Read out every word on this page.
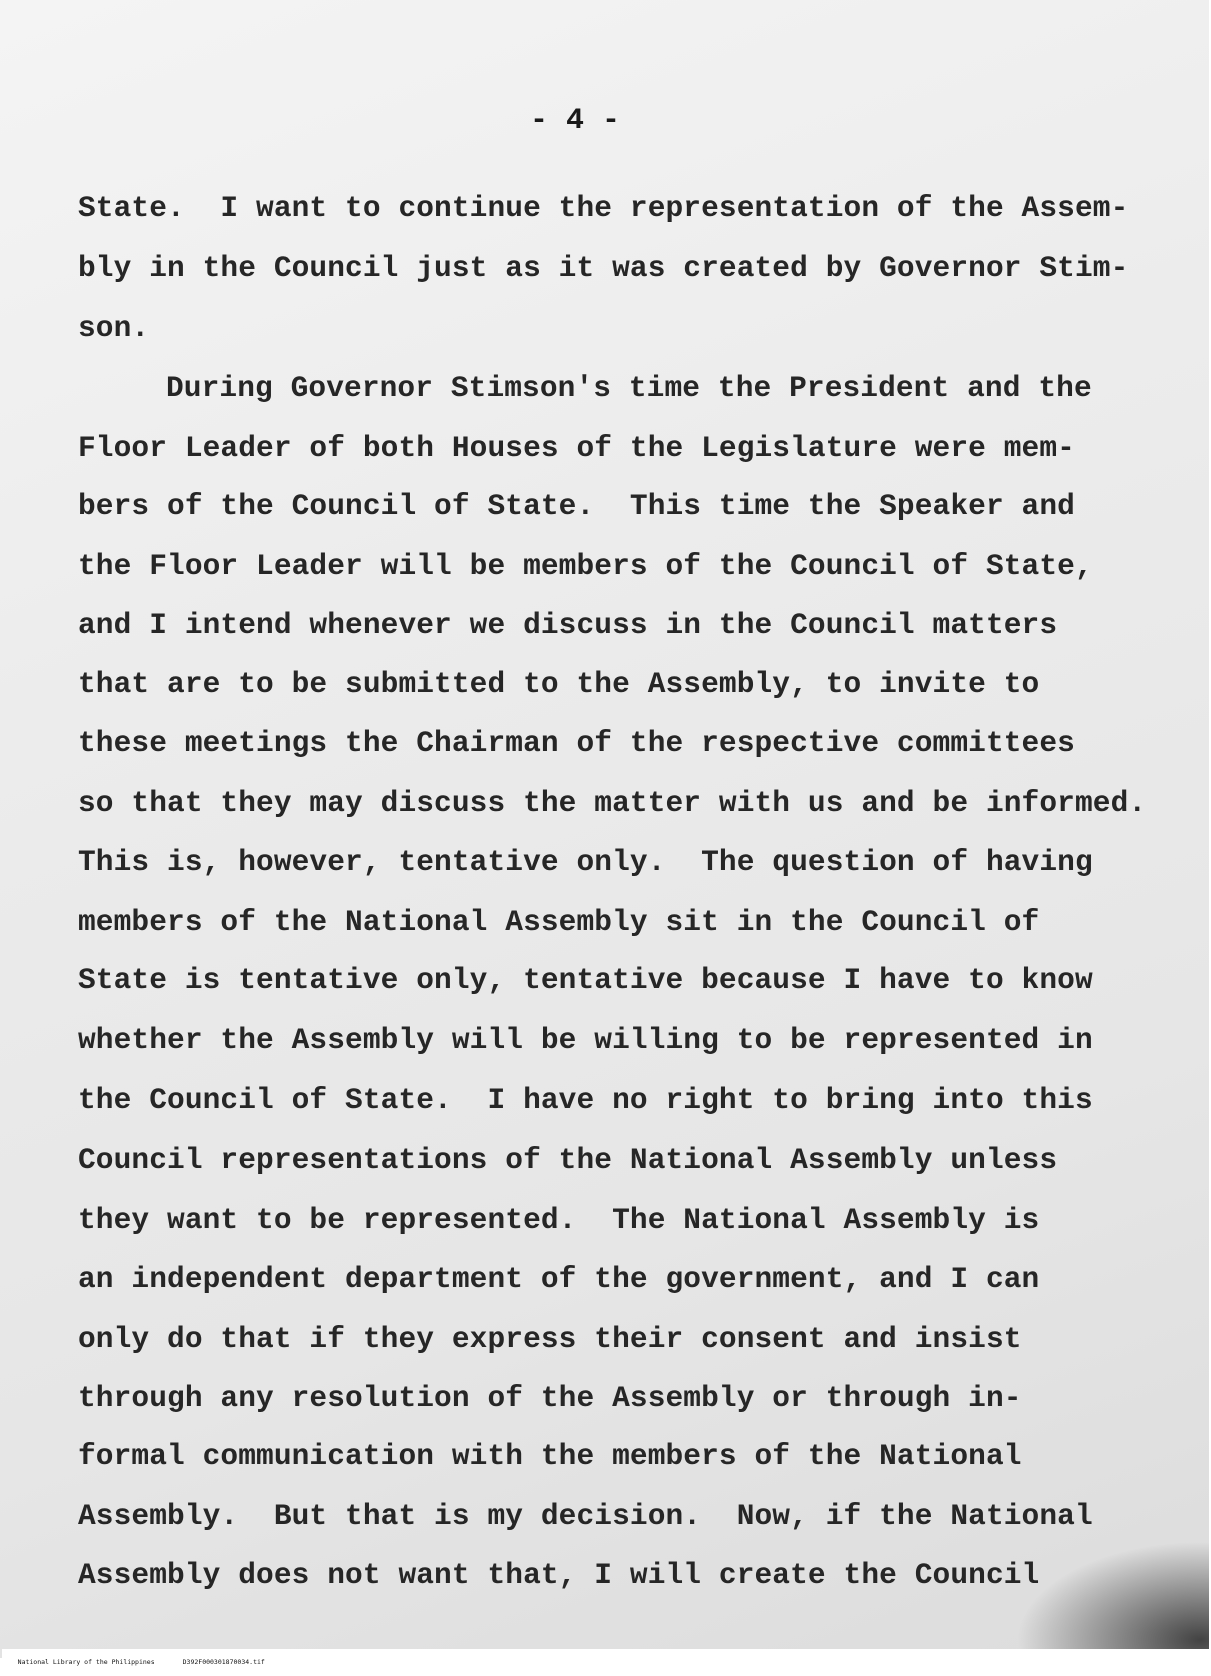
- 4 -
State.  I want to continue the representation of the Assem-
bly in the Council just as it was created by Governor Stim-
son.
During Governor Stimson's time the President and the
Floor Leader of both Houses of the Legislature were mem-
bers of the Council of State.  This time the Speaker and
the Floor Leader will be members of the Council of State,
and I intend whenever we discuss in the Council matters
that are to be submitted to the Assembly, to invite to
these meetings the Chairman of the respective committees
so that they may discuss the matter with us and be informed.
This is, however, tentative only.  The question of having
members of the National Assembly sit in the Council of
State is tentative only, tentative because I have to know
whether the Assembly will be willing to be represented in
the Council of State.  I have no right to bring into this
Council representations of the National Assembly unless
they want to be represented.  The National Assembly is
an independent department of the government, and I can
only do that if they express their consent and insist
through any resolution of the Assembly or through in-
formal communication with the members of the National
Assembly.  But that is my decision.  Now, if the National
Assembly does not want that, I will create the Council

National Library of the Philippines	D392F000301870034.tif
